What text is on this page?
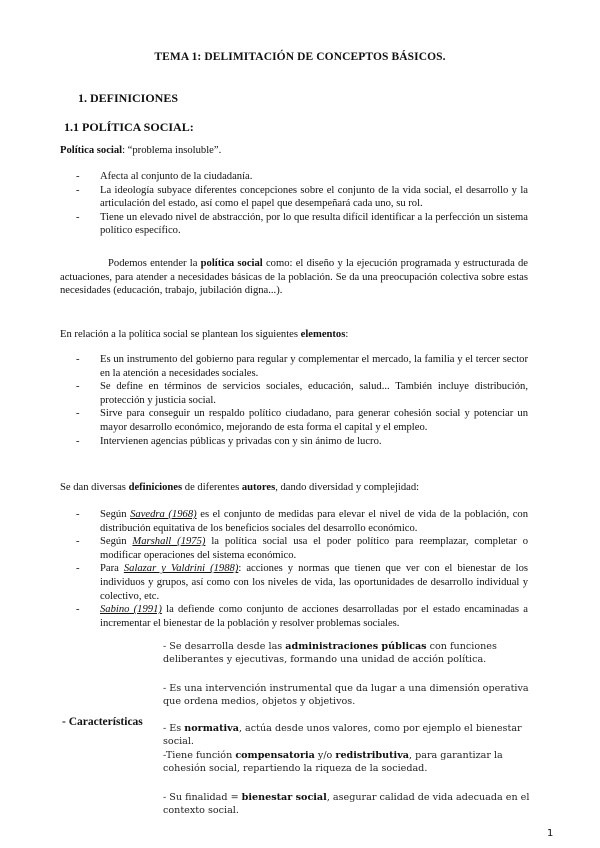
TEMA 1: DELIMITACIÓN DE CONCEPTOS BÁSICOS.
1. DEFINICIONES
1.1 POLÍTICA SOCIAL:
Política social: “problema insoluble”.
- Afecta al conjunto de la ciudadanía.
- La ideología subyace diferentes concepciones sobre el conjunto de la vida social, el desarrollo y la articulación del estado, así como el papel que desempeñará cada uno, su rol.
- Tiene un elevado nivel de abstracción, por lo que resulta difícil identificar a la perfección un sistema político específico.
Podemos entender la política social como: el diseño y la ejecución programada y estructurada de actuaciones, para atender a necesidades básicas de la población. Se da una preocupación colectiva sobre estas necesidades (educación, trabajo, jubilación digna...).
En relación a la política social se plantean los siguientes elementos:
- Es un instrumento del gobierno para regular y complementar el mercado, la familia y el tercer sector en la atención a necesidades sociales.
- Se define en términos de servicios sociales, educación, salud... También incluye distribución, protección y justicia social.
- Sirve para conseguir un respaldo político ciudadano, para generar cohesión social y potenciar un mayor desarrollo económico, mejorando de esta forma el capital y el empleo.
- Intervienen agencias públicas y privadas con y sin ánimo de lucro.
Se dan diversas definiciones de diferentes autores, dando diversidad y complejidad:
- Según Savedra (1968) es el conjunto de medidas para elevar el nivel de vida de la población, con distribución equitativa de los beneficios sociales del desarrollo económico.
- Según Marshall (1975) la política social usa el poder político para reemplazar, completar o modificar operaciones del sistema económico.
- Para Salazar y Valdrini (1988): acciones y normas que tienen que ver con el bienestar de los individuos y grupos, así como con los niveles de vida, las oportunidades de desarrollo individual y colectivo, etc.
- Sabino (1991) la defiende como conjunto de acciones desarrolladas por el estado encaminadas a incrementar el bienestar de la población y resolver problemas sociales.
- Características
- Se desarrolla desde las administraciones públicas con funciones deliberantes y ejecutivas, formando una unidad de acción política.
- Es una intervención instrumental que da lugar a una dimensión operativa que ordena medios, objetos y objetivos.
- Es normativa, actúa desde unos valores, como por ejemplo el bienestar social.
-Tiene función compensatoria y/o redistributiva, para garantizar la cohesión social, repartiendo la riqueza de la sociedad.
- Su finalidad = bienestar social, asegurar calidad de vida adecuada en el contexto social.
1
